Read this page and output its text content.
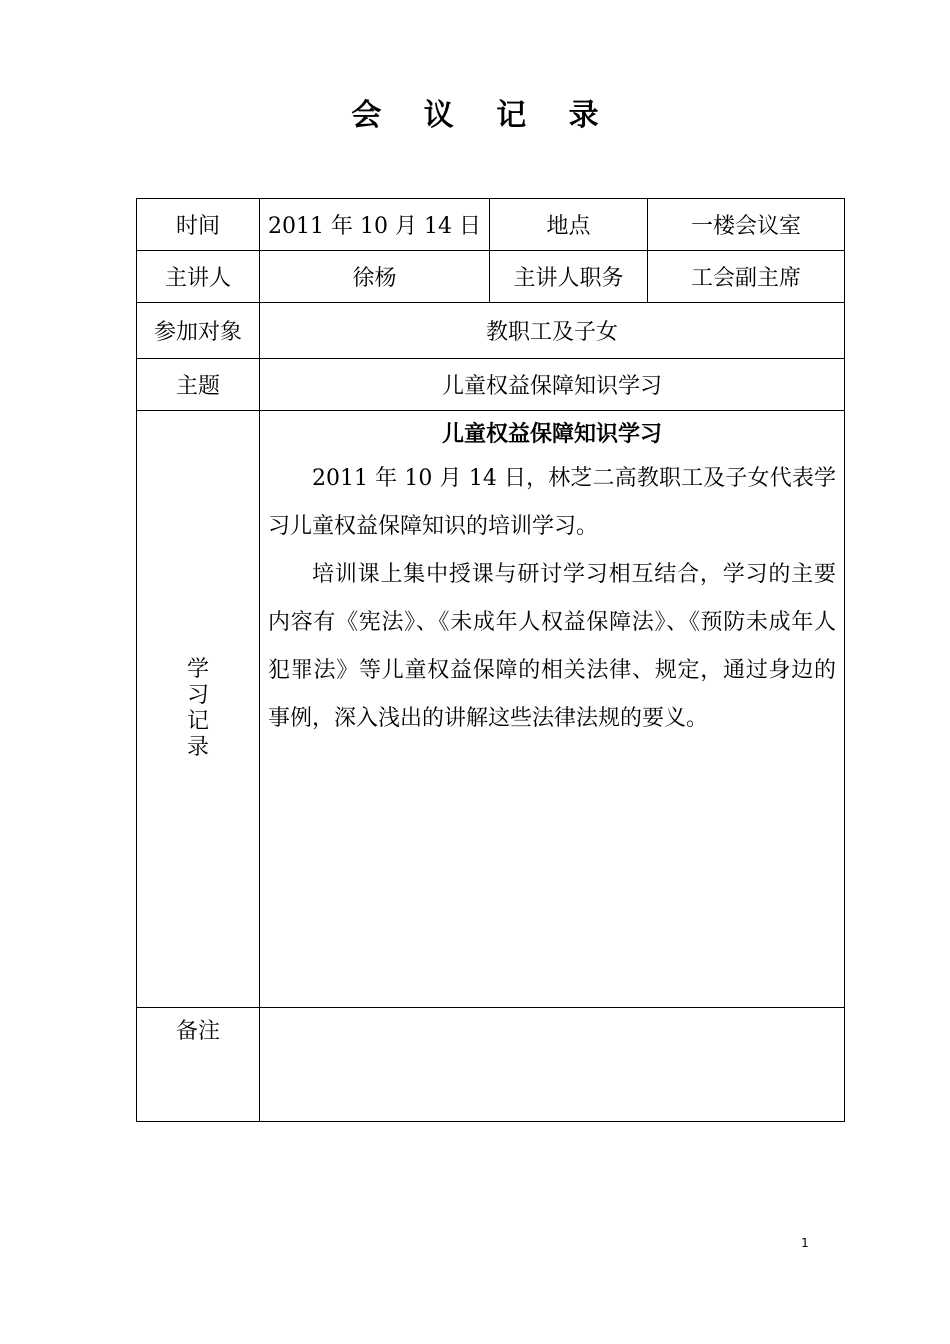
会 议 记 录
时间	2011 年 10 月 14 日	地点	一楼会议室
主讲人	徐杨	主讲人职务	工会副主席
参加对象	教职工及子女		
主题	儿童权益保障知识学习		
学习记录	儿童权益保障知识学习

2011 年 10 月 14 日，林芝二高教职工及子女代表学习儿童权益保障知识的培训学习。

培训课上集中授课与研讨学习相互结合，学习的主要内容有《宪法》、《未成年人权益保障法》、《预防未成年人犯罪法》等儿童权益保障的相关法律、规定，通过身边的事例，深入浅出的讲解这些法律法规的要义。		

备注			
1
